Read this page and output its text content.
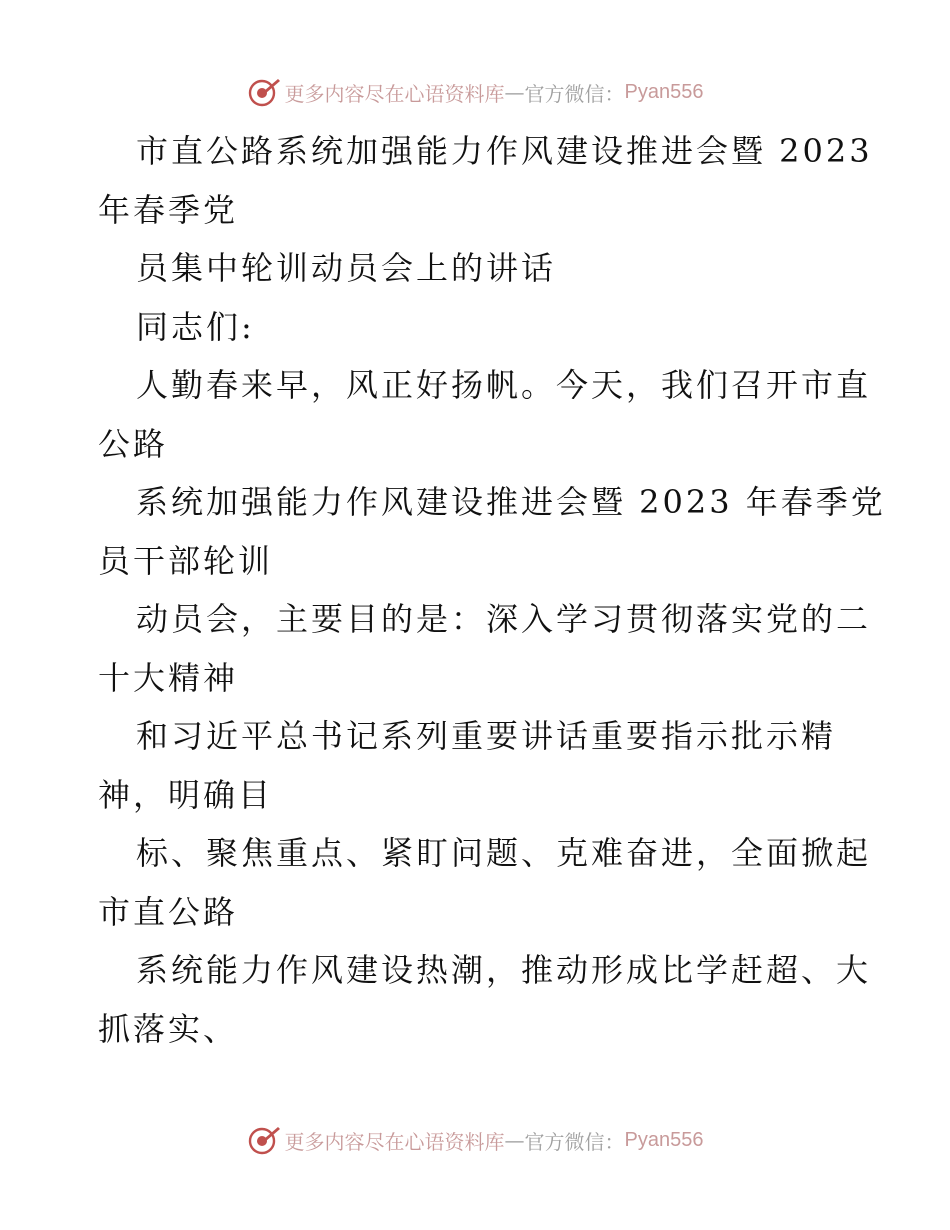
更多内容尽在心语资料库 — 官方微信： Pyan556
市直公路系统加强能力作风建设推进会暨 2023
年春季党
员集中轮训动员会上的讲话
同志们:
人勤春来早，风正好扬帆。今天，我们召开市直
公路
系统加强能力作风建设推进会暨 2023 年春季党
员干部轮训
动员会，主要目的是：深入学习贯彻落实党的二
十大精神
和习近平总书记系列重要讲话重要指示批示精
神，明确目
标、聚焦重点、紧盯问题、克难奋进，全面掀起
市直公路
系统能力作风建设热潮，推动形成比学赶超、大
抓落实、
更多内容尽在心语资料库 — 官方微信： Pyan556
